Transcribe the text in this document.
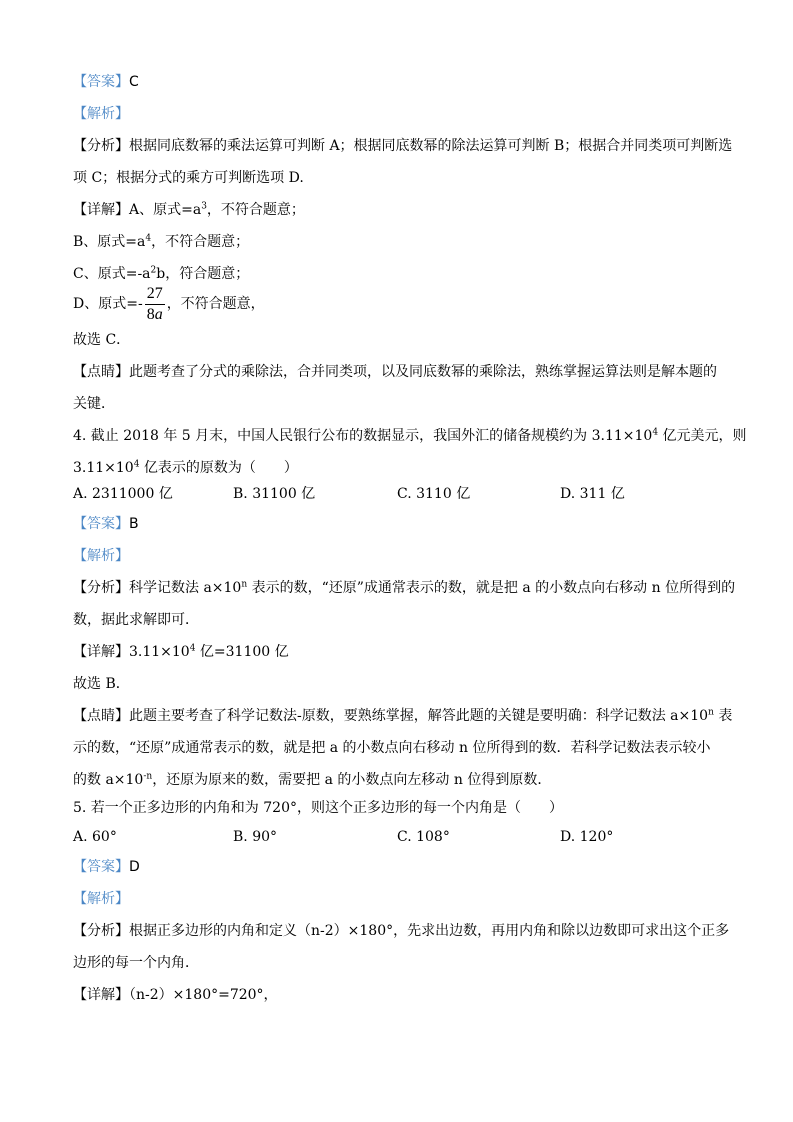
【答案】C
【解析】
【分析】根据同底数幂的乘法运算可判断 A；根据同底数幂的除法运算可判断 B；根据合并同类项可判断选
项 C；根据分式的乘方可判断选项 D.
【详解】A、原式$=a^3$，不符合题意；
B、原式$=a^4$，不符合题意；
C、原式$=-a^2b$，符合题意；
D、原式=- $\frac{27}{8a}$ ，不符合题意，
故选 C．
【点睛】此题考查了分式的乘除法，合并同类项，以及同底数幂的乘除法，熟练掌握运算法则是解本题的
关键．
4. 截止 2018 年 5 月末，中国人民银行公布的数据显示，我国外汇的储备规模约为 $3.11\times 10^4$ 亿元美元，则
$3.11\times 10^4$ 亿表示的原数为（　　）
A. 2311000 亿	B. 31100 亿	C. 3110 亿	D. 311 亿
【答案】B
【解析】
【分析】科学记数法 $a\times 10^n$ 表示的数，“还原”成通常表示的数，就是把 a 的小数点向右移动 n 位所得到的
数，据此求解即可．
【详解】$3.11\times 10^4$ 亿=31100 亿
故选 B．
【点睛】此题主要考查了科学记数法-原数，要熟练掌握，解答此题的关键是要明确：科学记数法 $a\times 10^n$ 表
示的数，“还原”成通常表示的数，就是把 a 的小数点向右移动 n 位所得到的数．若科学记数法表示较小
的数 $a\times 10^{-n}$，还原为原来的数，需要把 a 的小数点向左移动 n 位得到原数．
5. 若一个正多边形的内角和为 720°，则这个正多边形的每一个内角是（　　）
A. 60°	B. 90°	C. 108°	D. 120°
【答案】D
【解析】
【分析】根据正多边形的内角和定义（n-2）×180°，先求出边数，再用内角和除以边数即可求出这个正多
边形的每一个内角．
【详解】（n-2）×180°=720°，
